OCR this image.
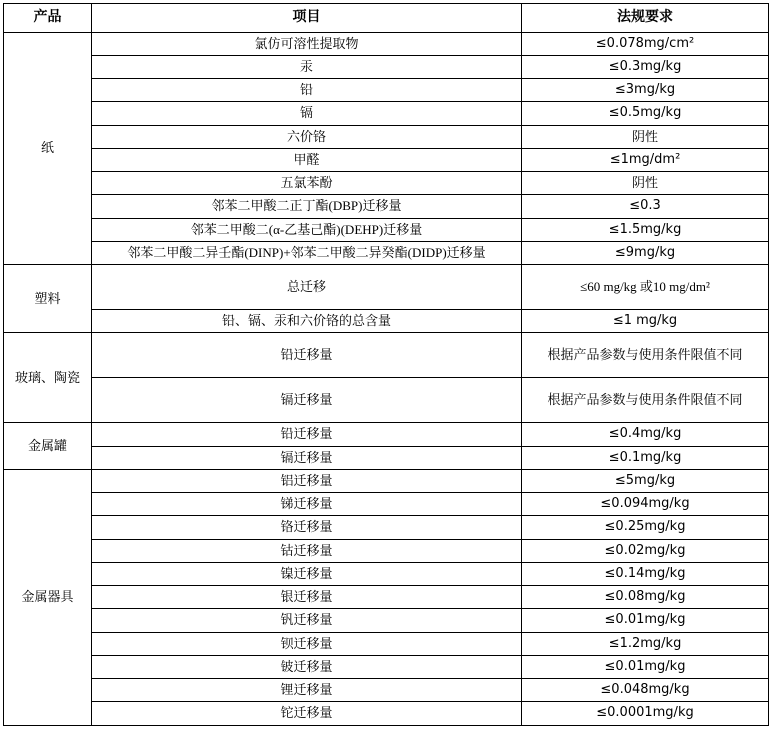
产品	项目	法规要求
纸	氯仿可溶性提取物	≤0.078mg/cm²
	汞	≤0.3mg/kg
	铅	≤3mg/kg
	镉	≤0.5mg/kg
	六价铬	阴性
	甲醛	≤1mg/dm²
	五氯苯酚	阴性
	邻苯二甲酸二正丁酯(DBP)迁移量	≤0.3
	邻苯二甲酸二(α-乙基己酯)(DEHP)迁移量	≤1.5mg/kg
	邻苯二甲酸二异壬酯(DINP)+邻苯二甲酸二异癸酯(DIDP)迁移量	≤9mg/kg
塑料	总迁移	≤60 mg/kg 或10 mg/dm²
	铅、镉、汞和六价铬的总含量	≤1 mg/kg
玻璃、陶瓷	铅迁移量	根据产品参数与使用条件限值不同
	镉迁移量	根据产品参数与使用条件限值不同
金属罐	铅迁移量	≤0.4mg/kg
	镉迁移量	≤0.1mg/kg
金属器具	铝迁移量	≤5mg/kg
	锑迁移量	≤0.094mg/kg
	铬迁移量	≤0.25mg/kg
	钴迁移量	≤0.02mg/kg
	镍迁移量	≤0.14mg/kg
	银迁移量	≤0.08mg/kg
	钒迁移量	≤0.01mg/kg
	钡迁移量	≤1.2mg/kg
	铍迁移量	≤0.01mg/kg
	锂迁移量	≤0.048mg/kg
	铊迁移量	≤0.0001mg/kg
